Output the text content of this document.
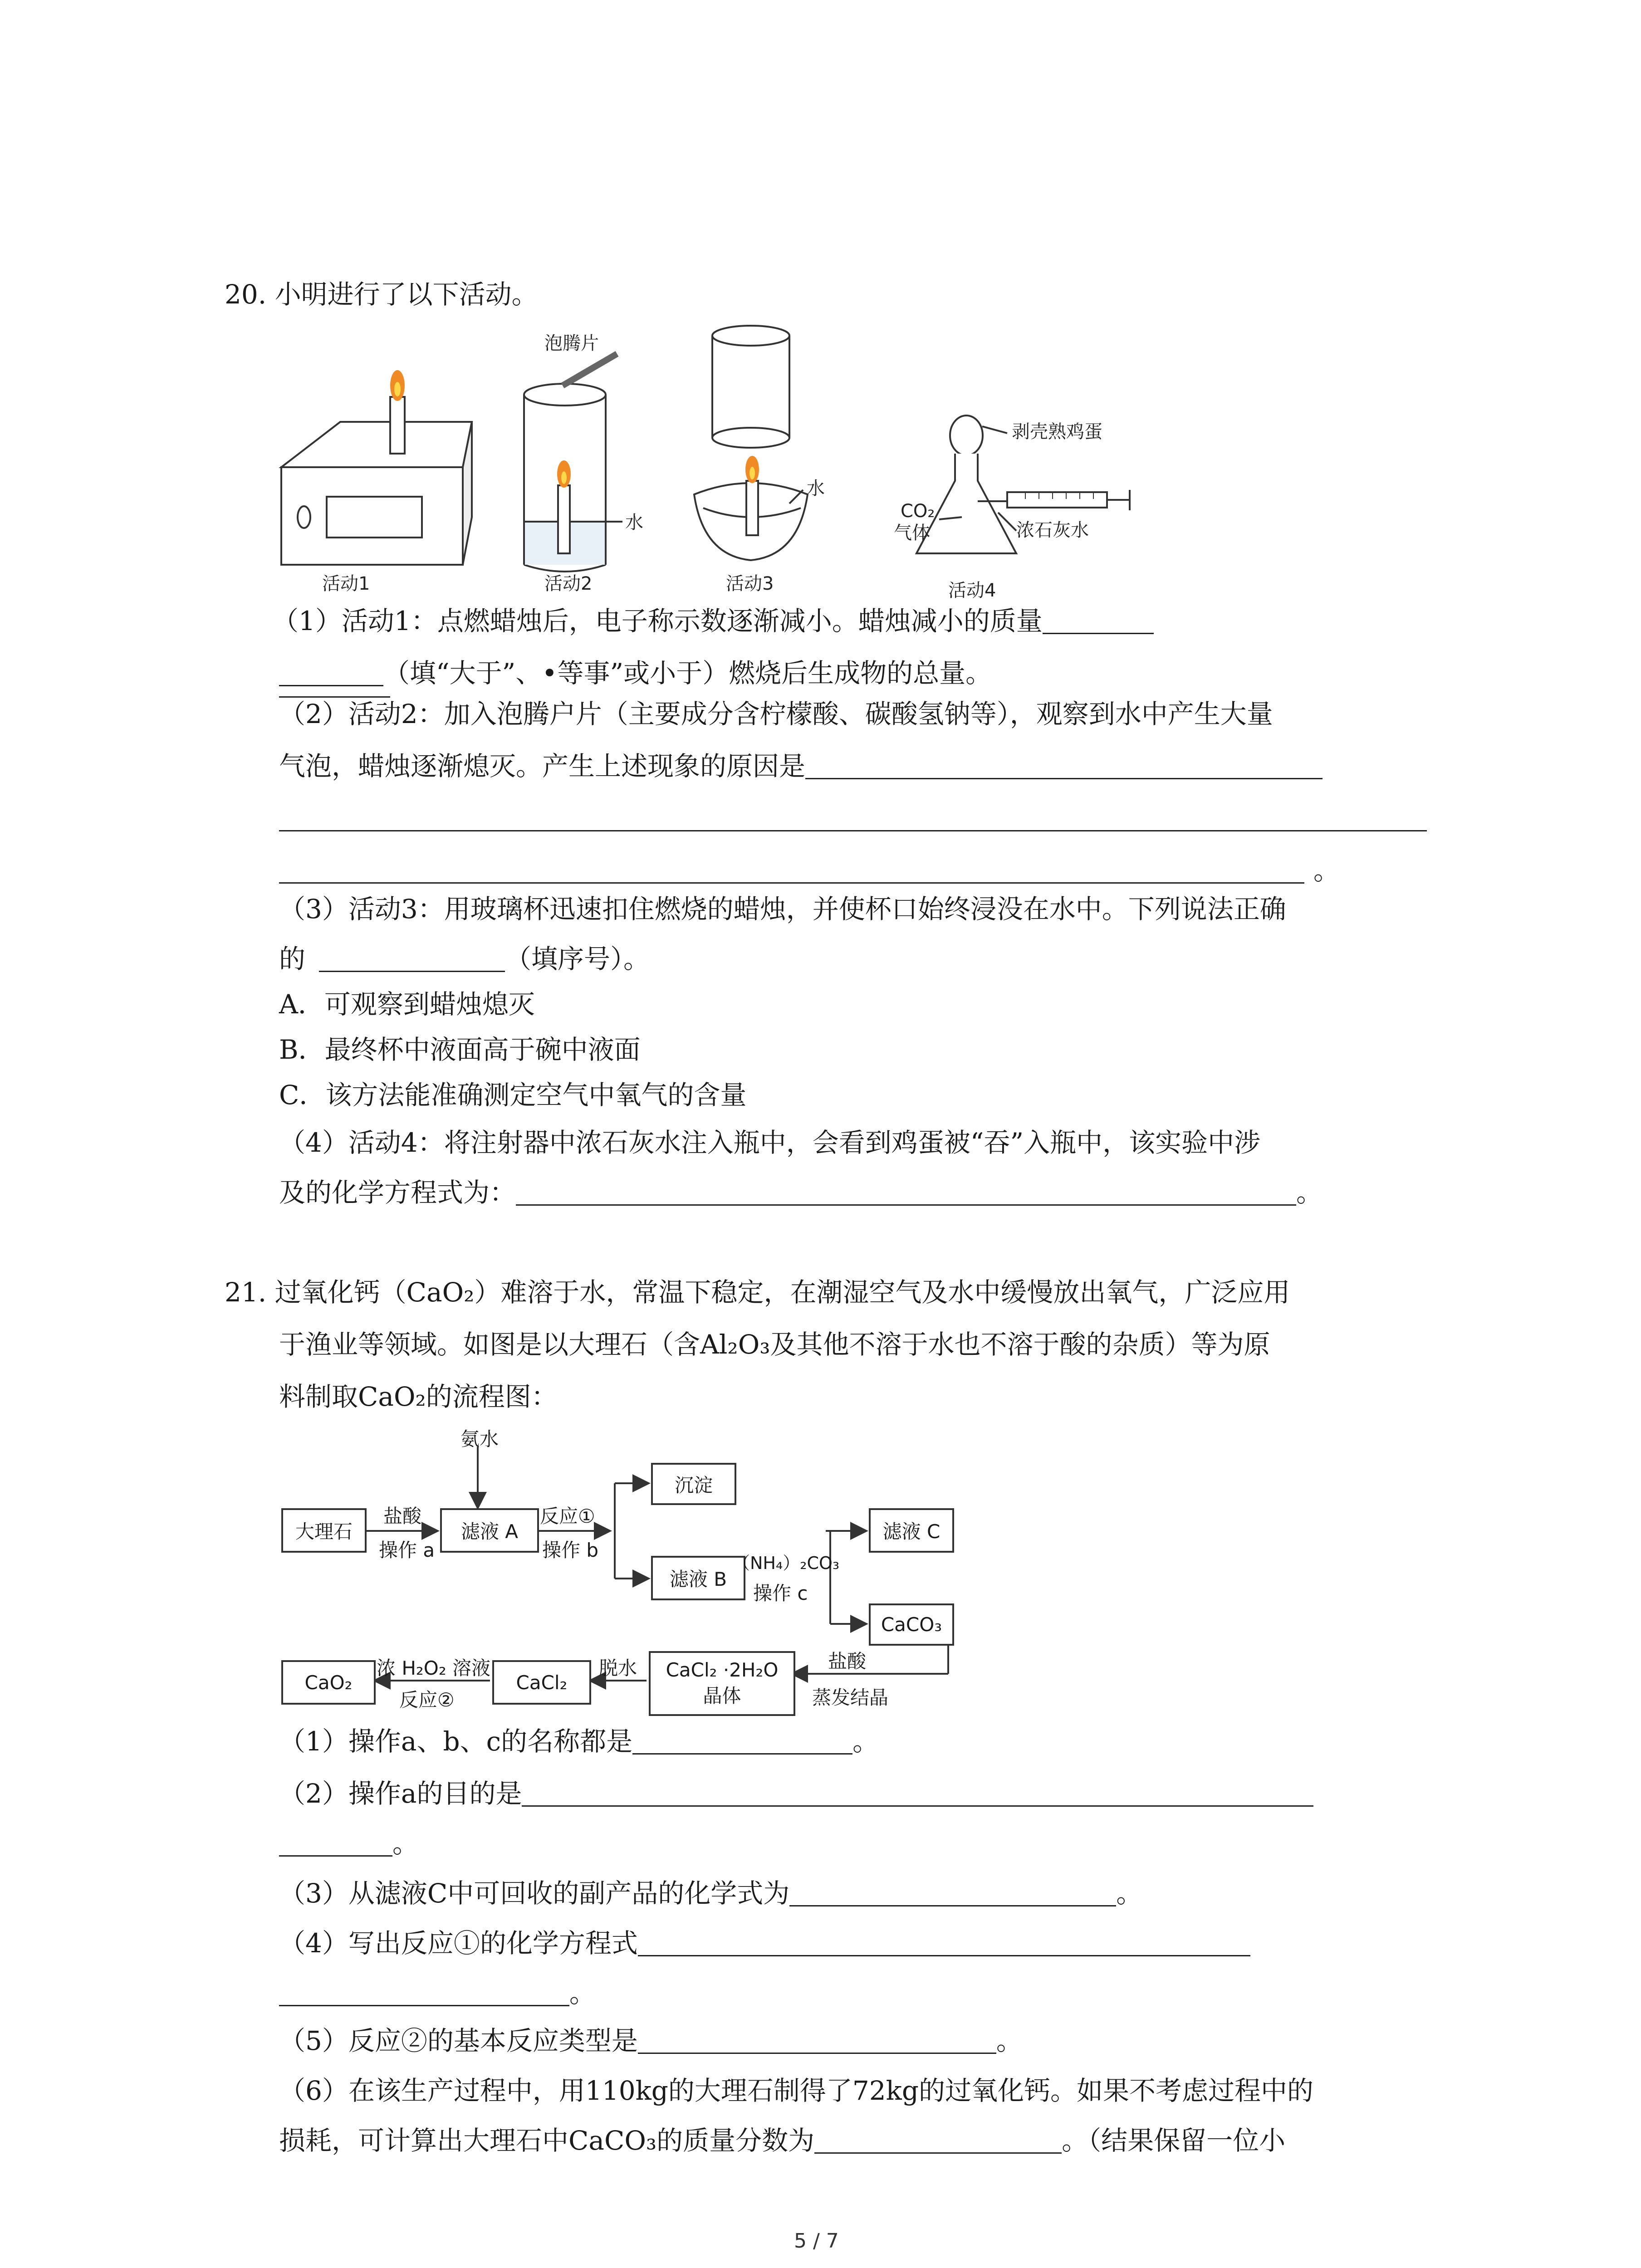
20. 小明进行了以下活动。
泡腾片
水
水
剥壳熟鸡蛋
CO₂
气体	浓石灰水
活动1	活动2	活动3	活动4
（1）活动1：点燃蜡烛后，电子称示数逐渐减小。蜡烛减小的质量
（填“大于”、•等事”或小于）燃烧后生成物的总量。
（2）活动2：加入泡腾户片（主要成分含柠檬酸、碳酸氢钠等），观察到水中产生大量
气泡，蜡烛逐渐熄灭。产生上述现象的原因是
。
（3）活动3：用玻璃杯迅速扣住燃烧的蜡烛，并使杯口始终浸没在水中。下列说法正确
的	（填序号）。
A．可观察到蜡烛熄灭
B．最终杯中液面高于碗中液面
C．该方法能准确测定空气中氧气的含量
（4）活动4：将注射器中浓石灰水注入瓶中，会看到鸡蛋被“吞”入瓶中，该实验中涉
及的化学方程式为：	。
21. 过氧化钙（CaO₂）难溶于水，常温下稳定，在潮湿空气及水中缓慢放出氧气，广泛应用
于渔业等领域。如图是以大理石（含Al₂O₃及其他不溶于水也不溶于酸的杂质）等为原
料制取CaO₂的流程图：
氨水
大理石
盐酸
操作 a
滤液 A
反应①
操作 b
沉淀
滤液 B
（NH₄）₂CO₃
操作 c
滤液 C
CaCO₃
盐酸
蒸发结晶
CaCl₂ ·2H₂O
晶体
脱水
CaCl₂
浓 H₂O₂ 溶液
反应②
CaO₂
（1）操作a、b、c的名称都是	。
（2）操作a的目的是
。
（3）从滤液C中可回收的副产品的化学式为	。
（4）写出反应①的化学方程式
。
（5）反应②的基本反应类型是	。
（6）在该生产过程中，用110kg的大理石制得了72kg的过氧化钙。如果不考虑过程中的
损耗，可计算出大理石中CaCO₃的质量分数为	。（结果保留一位小
5 / 7
